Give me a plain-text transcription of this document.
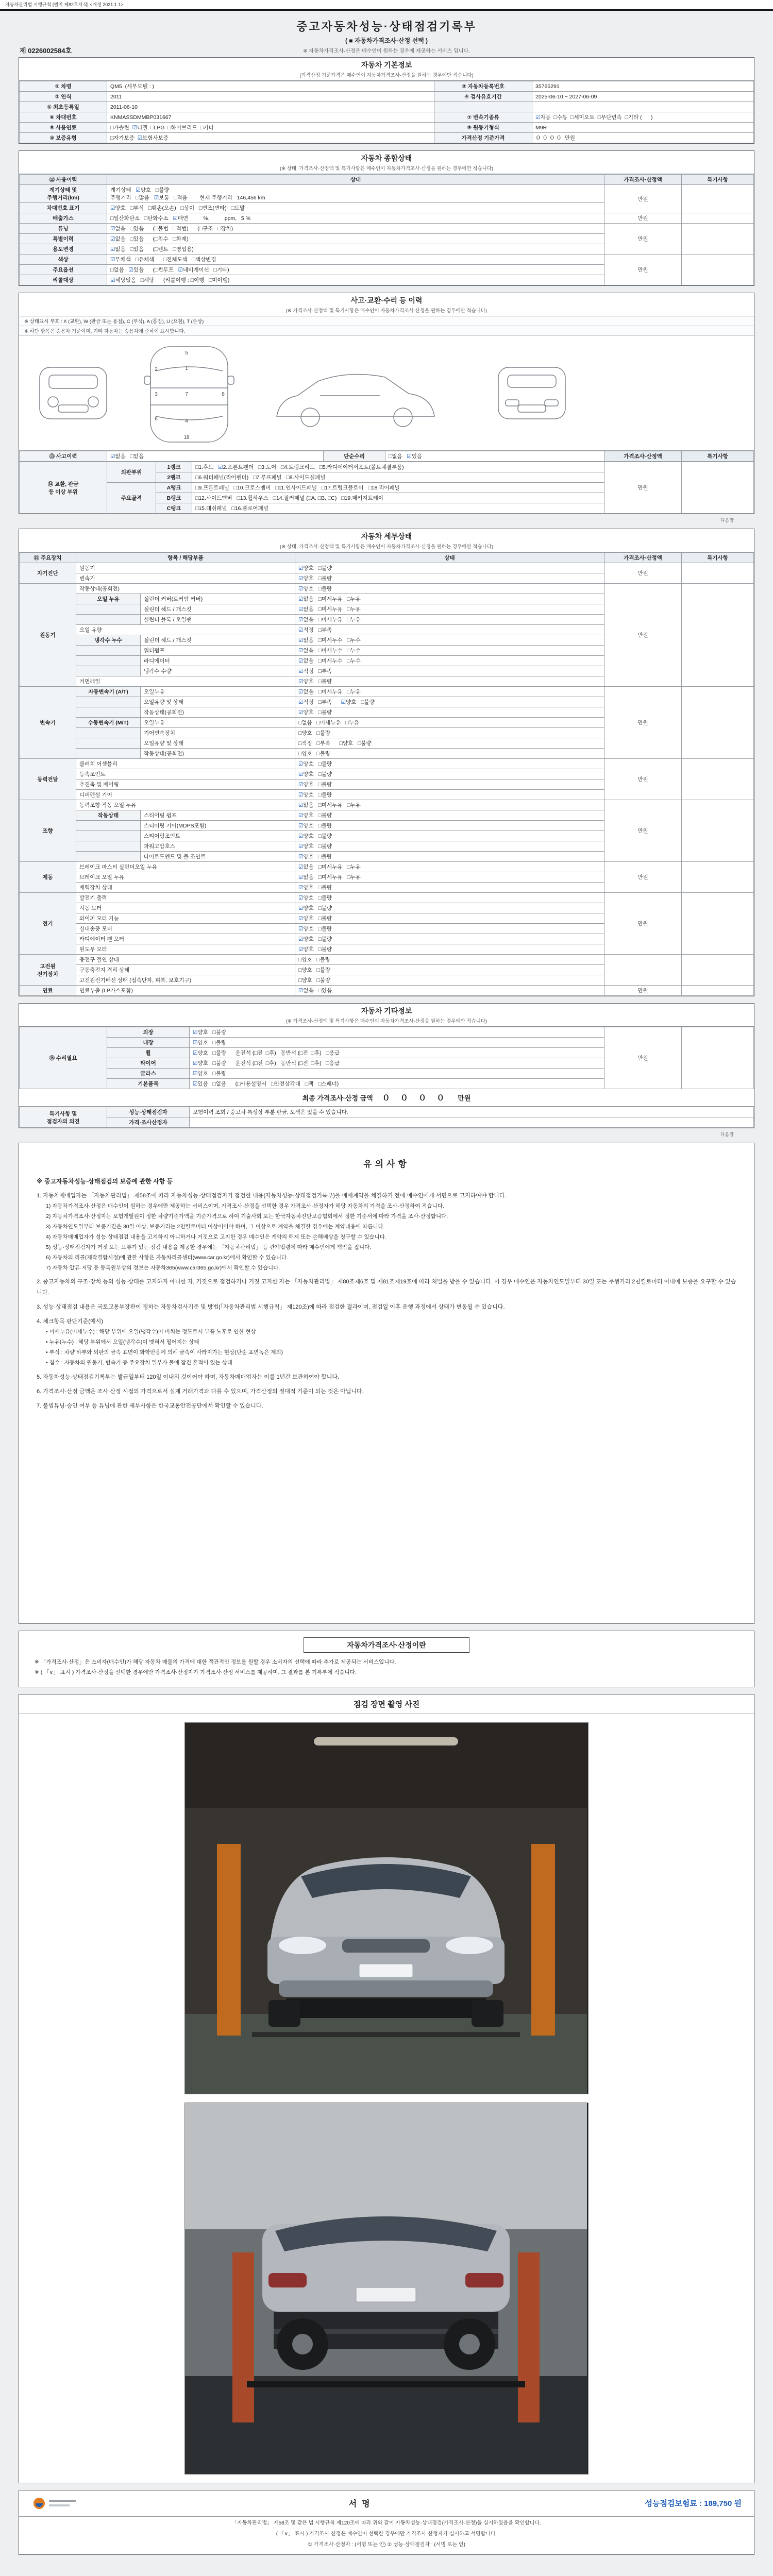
자동차관리법 시행규칙 [별지 제82호서식] <개정 2021.1.1>
제 0226002584호
중고자동차성능·상태점검기록부
( ■ 자동차가격조사·산정 선택 )
※ 자동차가격조사·산정은 매수인이 원하는 경우에 제공하는 서비스 입니다.
자동차 기본정보
(가격산정 기준가격은 매수인이 자동차가격조사·산정을 원하는 경우에만 적습니다)
① 차명	QM5  (세부모델 : )	② 자동차등록번호	35765291
③ 연식	2011	④ 검사유효기간	2025-06-10 ~ 2027-06-09
⑤ 최초등록일	2011-06-10		
⑥ 차대번호	KNMASSDMMBP031667	⑦ 변속기종류	☑자동  □수동  □세미오토  □무단변속  □기타 (      )
⑧ 사용연료	□가솔린  ☑디젤  □LPG  □하이브리드  □기타	⑨ 원동기형식	M9R
⑩ 보증유형	□자가보증  ☑보험사보증	가격산정 기준가격	０ ０ ０ ０  만원
자동차 종합상태
(※ 상태, 가격조사·산정액 및 특기사항은 매수인이 자동차가격조사·산정을 원하는 경우에만 적습니다)
⑫ 사용이력	상태	가격조사·산정액	특기사항
계기상태 및
주행거리(km)	계기상태   ☑양호   □불량
주행거리   □많음   ☑보통   □적음        현재 주행거리   146,456 km	만원	
차대번호 표기	☑양호   □부식   □훼손(오손)   □상이   □변조(변타)   □도말		
배출가스	□일산화탄소   □탄화수소   ☑매연          %,          ppm,   5 %	만원	
튜닝	☑없음   □있음      (□불법   □적법)      (□구조   □장치)	만원	
특별이력	☑없음   □있음      (□침수   □화재)		
용도변경	☑없음   □있음      (□렌트   □영업용)		
색상	☑무채색   □유채색      □전체도색   □색상변경	만원	
주요옵션	□없음   ☑있음      (□썬루프   ☑네비게이션   □기타)		
리콜대상	☑해당없음   □해당      (리콜이행 : □이행   □미이행)		
사고·교환·수리 등 이력
(※ 가격조사·산정액 및 특기사항은 매수인이 자동차가격조사·산정을 원하는 경우에만 적습니다)
※ 상태표시 부호 : X (교환), W (판금 또는 용접), C (부식), A (흠집), U (요철), T (손상)
※ 하단 항목은 승용차 기준이며, 기타 자동차는 승용차에 준하여 표시합니다.
5
1
7
4
18
2
3
6
8
⑬ 사고이력	☑없음   □있음	단순수리	□없음   ☑있음	가격조사·산정액	특기사항
⑭ 교환, 판금
등 이상 부위	외판부위	1랭크	□1.후드   ☑2.프론트펜더   □3.도어   □4.트렁크리드   □5.라디에이터서포트(볼트체결부품)	만원	
		2랭크	□6.쿼터패널(리어펜더)   □7.루프패널   □8.사이드실패널		
	주요골격	A랭크	□9.프론트패널   □10.크로스멤버   □11.인사이드패널   □17.트렁크플로어   □18.리어패널		
		B랭크	□12.사이드멤버   □13.휠하우스   □14.필러패널 (□A, □B, □C)   □19.패키지트레이		
		C랭크	□15.대쉬패널   □16.플로어패널		
다음장
자동차 세부상태
(※ 상태, 가격조사·산정액 및 특기사항은 매수인이 자동차가격조사·산정을 원하는 경우에만 적습니다)
⑮ 주요장치	항목 / 해당부품		상태	가격조사·산정액	특기사항
자기진단	원동기		☑양호   □불량	만원	
	변속기		☑양호   □불량		
원동기	작동상태(공회전)		☑양호   □불량	만원	
	오일 누유	실린더 커버(로커암 커버)	☑없음   □미세누유   □누유		
		실린더 헤드 / 개스킷	☑없음   □미세누유   □누유		
		실린더 블록 / 오일팬	☑없음   □미세누유   □누유		
	오일 유량		☑적정   □부족		
	냉각수 누수	실린더 헤드 / 개스킷	☑없음   □미세누수   □누수		
		워터펌프	☑없음   □미세누수   □누수		
		라디에이터	☑없음   □미세누수   □누수		
		냉각수 수량	☑적정   □부족		
	커먼레일		☑양호   □불량		
변속기	자동변속기 (A/T)	오일누유	☑없음   □미세누유   □누유	만원	
		오일유량 및 상태	☑적정   □부족      ☑양호   □불량		
		작동상태(공회전)	☑양호   □불량		
	수동변속기 (M/T)	오일누유	□없음   □미세누유   □누유		
		기어변속장치	□양호   □불량		
		오일유량 및 상태	□적정   □부족      □양호   □불량		
		작동상태(공회전)	□양호   □불량		
동력전달	클러치 어셈블리		☑양호   □불량	만원	
	등속조인트		☑양호   □불량		
	추진축 및 베어링		☑양호   □불량		
	디퍼렌셜 기어		☑양호   □불량		
조향	동력조향 작동 오일 누유		☑없음   □미세누유   □누유	만원	
	작동상태	스티어링 펌프	☑양호   □불량		
		스티어링 기어(MDPS포함)	☑양호   □불량		
		스티어링조인트	☑양호   □불량		
		파워고압호스	☑양호   □불량		
		타이로드엔드 및 볼 조인트	☑양호   □불량		
제동	브레이크 마스터 실린더오일 누유		☑없음   □미세누유   □누유	만원	
	브레이크 오일 누유		☑없음   □미세누유   □누유		
	배력장치 상태		☑양호   □불량		
전기	발전기 출력		☑양호   □불량	만원	
	시동 모터		☑양호   □불량		
	와이퍼 모터 기능		☑양호   □불량		
	실내송풍 모터		☑양호   □불량		
	라디에이터 팬 모터		☑양호   □불량		
	윈도우 모터		☑양호   □불량		
고전원
전기장치	충전구 절연 상태		□양호   □불량		
	구동축전지 격리 상태		□양호   □불량		
	고전원전기배선 상태 (접속단자, 피복, 보호기구)		□양호   □불량		
연료	연료누출 (LP가스포함)		☑없음   □있음	만원	
자동차 기타정보
(※ 가격조사·산정액 및 특기사항은 매수인이 자동차가격조사·산정을 원하는 경우에만 적습니다)
⑯ 수리필요	외장	☑양호   □불량	만원	
	내장	☑양호   □불량		
	휠	☑양호   □불량      운전석 (□전  □후)   동반석 (□전  □후)   □응급		
	타이어	☑양호   □불량      운전석 (□전  □후)   동반석 (□전  □후)   □응급		
	글라스	☑양호   □불량		
	기본품목	☑있음   □없음      (□사용설명서   □안전삼각대   □잭   □스패너)		
최종 가격조사·산정 금액 ０ ０ ０ ０ 만원
특기사항 및
점검자의 의견	성능·상태점검자	보험이력 조회 / 중고차 특성상 부분 판금, 도색은 있을 수 있습니다.
	가격·조사산정자	
다음장
유의사항
※ 중고자동차성능·상태점검의 보증에 관한 사항 등
1. 자동차매매업자는 「자동차관리법」 제58조에 따라 자동차성능·상태점검자가 점검한 내용(자동차성능·상태점검기록부)을 매매계약을 체결하기 전에 매수인에게 서면으로 고지하여야 합니다.
1) 자동차가격조사·산정은 매수인이 원하는 경우에만 제공하는 서비스이며, 가격조사·산정을 선택한 경우 가격조사·산정자가 해당 자동차의 가격을 조사·산정하여 적습니다.
2) 자동차가격조사·산정자는 보험개발원이 정한 차량기준가액을 기준가격으로 하여 기술사회 또는 한국자동차진단보증협회에서 정한 기준서에 따라 가격을 조사·산정합니다.
3) 자동차인도일부터 보증기간은 30일 이상, 보증거리는 2천킬로미터 이상이어야 하며, 그 이상으로 계약을 체결한 경우에는 계약내용에 따릅니다.
4) 자동차매매업자가 성능·상태점검 내용을 고지하지 아니하거나 거짓으로 고지한 경우 매수인은 계약의 해제 또는 손해배상을 청구할 수 있습니다.
5) 성능·상태점검자가 거짓 또는 오류가 있는 점검 내용을 제공한 경우에는 「자동차관리법」 등 관계법령에 따라 매수인에게 책임을 집니다.
6) 자동차의 리콜(제작결함시정)에 관한 사항은 자동차리콜센터(www.car.go.kr)에서 확인할 수 있습니다.
7) 자동차 압류·저당 등 등록원부상의 정보는 자동차365(www.car365.go.kr)에서 확인할 수 있습니다.
2. 중고자동차의 구조·장치 등의 성능·상태를 고지하지 아니한 자, 거짓으로 점검하거나 거짓 고지한 자는 「자동차관리법」 제80조제6호 및 제81조제19호에 따라 처벌을 받을 수 있습니다. 이 경우 매수인은 자동차인도일부터 30일 또는 주행거리 2천킬로미터 이내에 보증을 요구할 수 있습니다.
3. 성능·상태점검 내용은 국토교통부장관이 정하는 자동차검사기준 및 방법(「자동차관리법 시행규칙」 제120조)에 따라 점검한 결과이며, 점검일 이후 운행 과정에서 상태가 변동될 수 있습니다.
4. 체크항목 판단기준(예시)
• 미세누유(미세누수) : 해당 부위에 오일(냉각수)이 비치는 정도로서 부품 노후로 인한 현상
• 누유(누수) : 해당 부위에서 오일(냉각수)이 맺혀서 떨어지는 상태
• 부식 : 차량 하부와 외판의 금속 표면이 화학반응에 의해 금속이 사라져가는 현상(단순 표면녹은 제외)
• 침수 : 자동차의 원동기, 변속기 등 주요장치 일부가 물에 잠긴 흔적이 있는 상태
5. 자동차성능·상태점검기록부는 발급일부터 120일 이내의 것이어야 하며, 자동차매매업자는 이를 1년간 보관하여야 합니다.
6. 가격조사·산정 금액은 조사·산정 시점의 가격으로서 실제 거래가격과 다를 수 있으며, 가격산정의 절대적 기준이 되는 것은 아닙니다.
7. 불법튜닝·승인 여부 등 튜닝에 관한 세부사항은 한국교통안전공단에서 확인할 수 있습니다.
자동차가격조사·산정이란

※ 「가격조사·산정」은 소비자(매수인)가 해당 자동차 매물의 가격에 대한 객관적인 정보를 원할 경우 소비자의 선택에 따라 추가로 제공되는 서비스입니다.

※ ( 「∨」 표시 ) 가격조사·산정을 선택한 경우에만 가격조사·산정자가 가격조사·산정 서비스를 제공하며, 그 결과를 본 기록부에 적습니다.

점검 장면 촬영 사진
서명	성능점검보험료 : 189,750 원
「자동차관리법」 제58조 및 같은 법 시행규칙 제120조에 따라 위와 같이 자동차성능·상태점검(가격조사·산정)을 실시하였음을 확인합니다.
( 「∨」 표시 ) 가격조사·산정은 매수인이 선택한 경우에만 가격조사·산정자가 실시하고 서명합니다.
① 가격조사·산정자 : (서명 또는 인) ② 성능·상태점검자 : (서명 또는 인)
